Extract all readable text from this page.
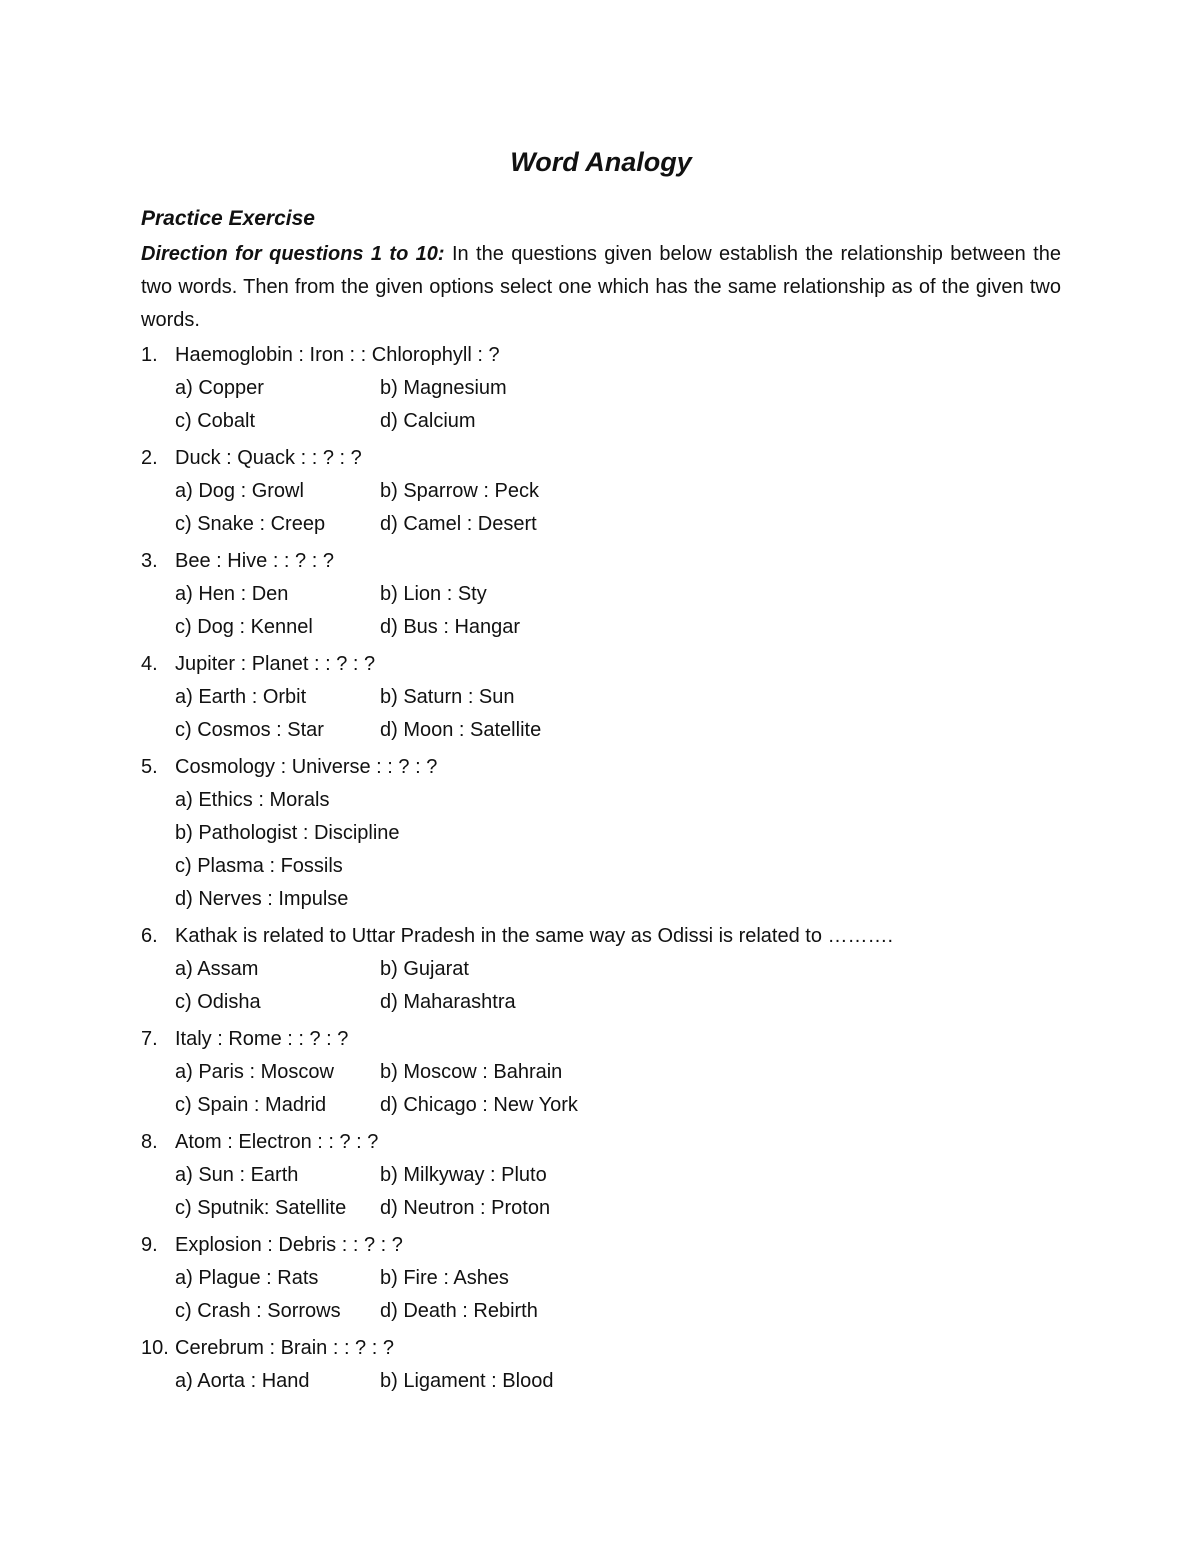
Word Analogy
Practice Exercise
Direction for questions 1 to 10: In the questions given below establish the relationship between the two words. Then from the given options select one which has the same relationship as of the given two words.
1. Haemoglobin : Iron : : Chlorophyll : ?
a) Copper	b) Magnesium
c) Cobalt	d) Calcium
2. Duck : Quack : : ? : ?
a) Dog : Growl	b) Sparrow : Peck
c) Snake : Creep	d) Camel : Desert
3. Bee : Hive : : ? : ?
a) Hen : Den	b) Lion : Sty
c) Dog : Kennel	d) Bus : Hangar
4. Jupiter : Planet : : ? : ?
a) Earth : Orbit	b) Saturn : Sun
c) Cosmos : Star	d) Moon : Satellite
5. Cosmology : Universe : : ? : ?
a) Ethics : Morals
b) Pathologist : Discipline
c) Plasma : Fossils
d) Nerves : Impulse
6. Kathak is related to Uttar Pradesh in the same way as Odissi is related to ……….
a) Assam	b) Gujarat
c) Odisha	d) Maharashtra
7. Italy : Rome : : ? : ?
a) Paris : Moscow	b) Moscow : Bahrain
c) Spain : Madrid	d) Chicago : New York
8. Atom : Electron : : ? : ?
a) Sun : Earth	b) Milkyway : Pluto
c) Sputnik: Satellite	d) Neutron : Proton
9. Explosion : Debris : : ? : ?
a) Plague : Rats	b) Fire : Ashes
c) Crash : Sorrows	d) Death : Rebirth
10. Cerebrum : Brain : : ? : ?
a) Aorta : Hand	b) Ligament : Blood
